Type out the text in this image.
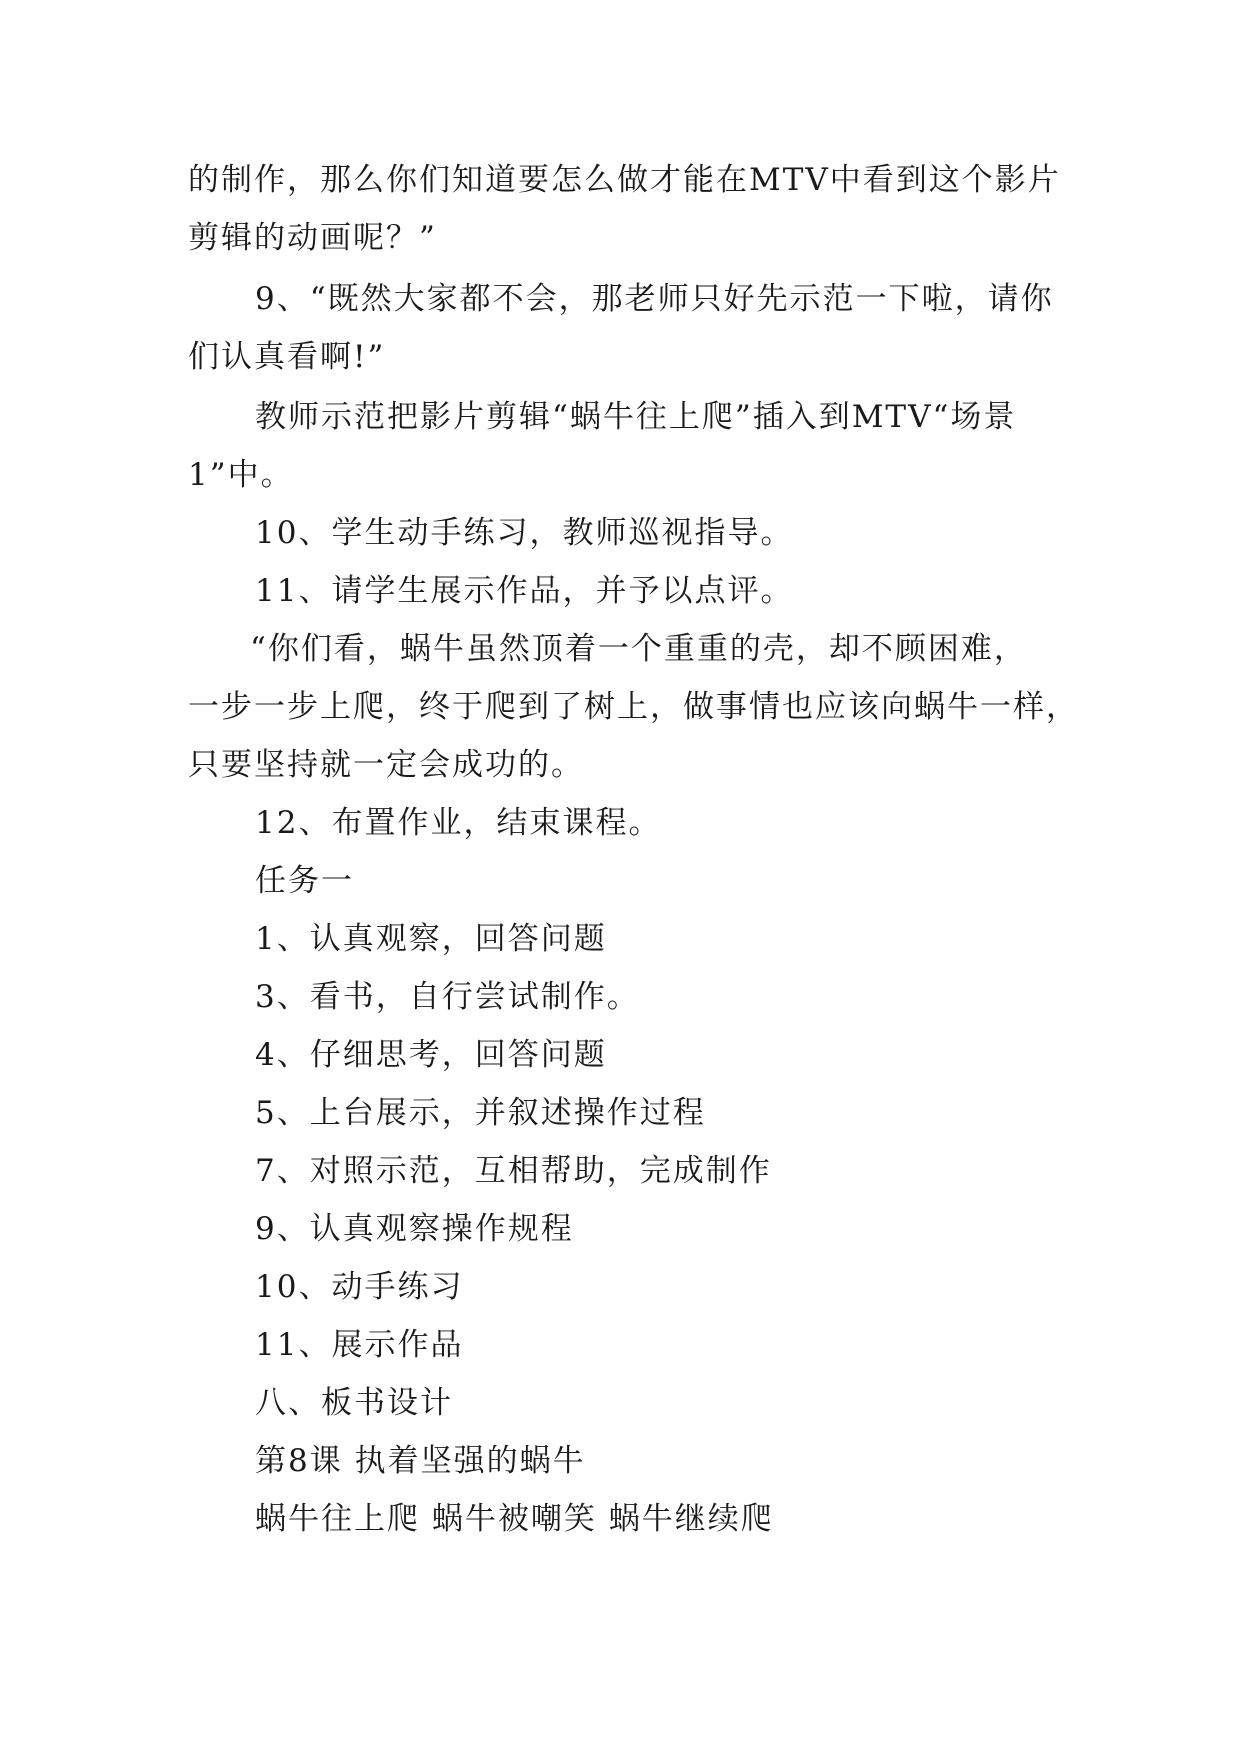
的制作，那么你们知道要怎么做才能在MTV中看到这个影片
剪辑的动画呢？”
9、“既然大家都不会，那老师只好先示范一下啦，请你
们认真看啊!”
教师示范把影片剪辑“蜗牛往上爬”插入到MTV“场景
1”中。
10、学生动手练习，教师巡视指导。
11、请学生展示作品，并予以点评。
“你们看，蜗牛虽然顶着一个重重的壳，却不顾困难，
一步一步上爬，终于爬到了树上，做事情也应该向蜗牛一样，
只要坚持就一定会成功的。
12、布置作业，结束课程。
任务一
1、认真观察，回答问题
3、看书，自行尝试制作。
4、仔细思考，回答问题
5、上台展示，并叙述操作过程
7、对照示范，互相帮助，完成制作
9、认真观察操作规程
10、动手练习
11、展示作品
八、板书设计
第8课 执着坚强的蜗牛
蜗牛往上爬 蜗牛被嘲笑 蜗牛继续爬
